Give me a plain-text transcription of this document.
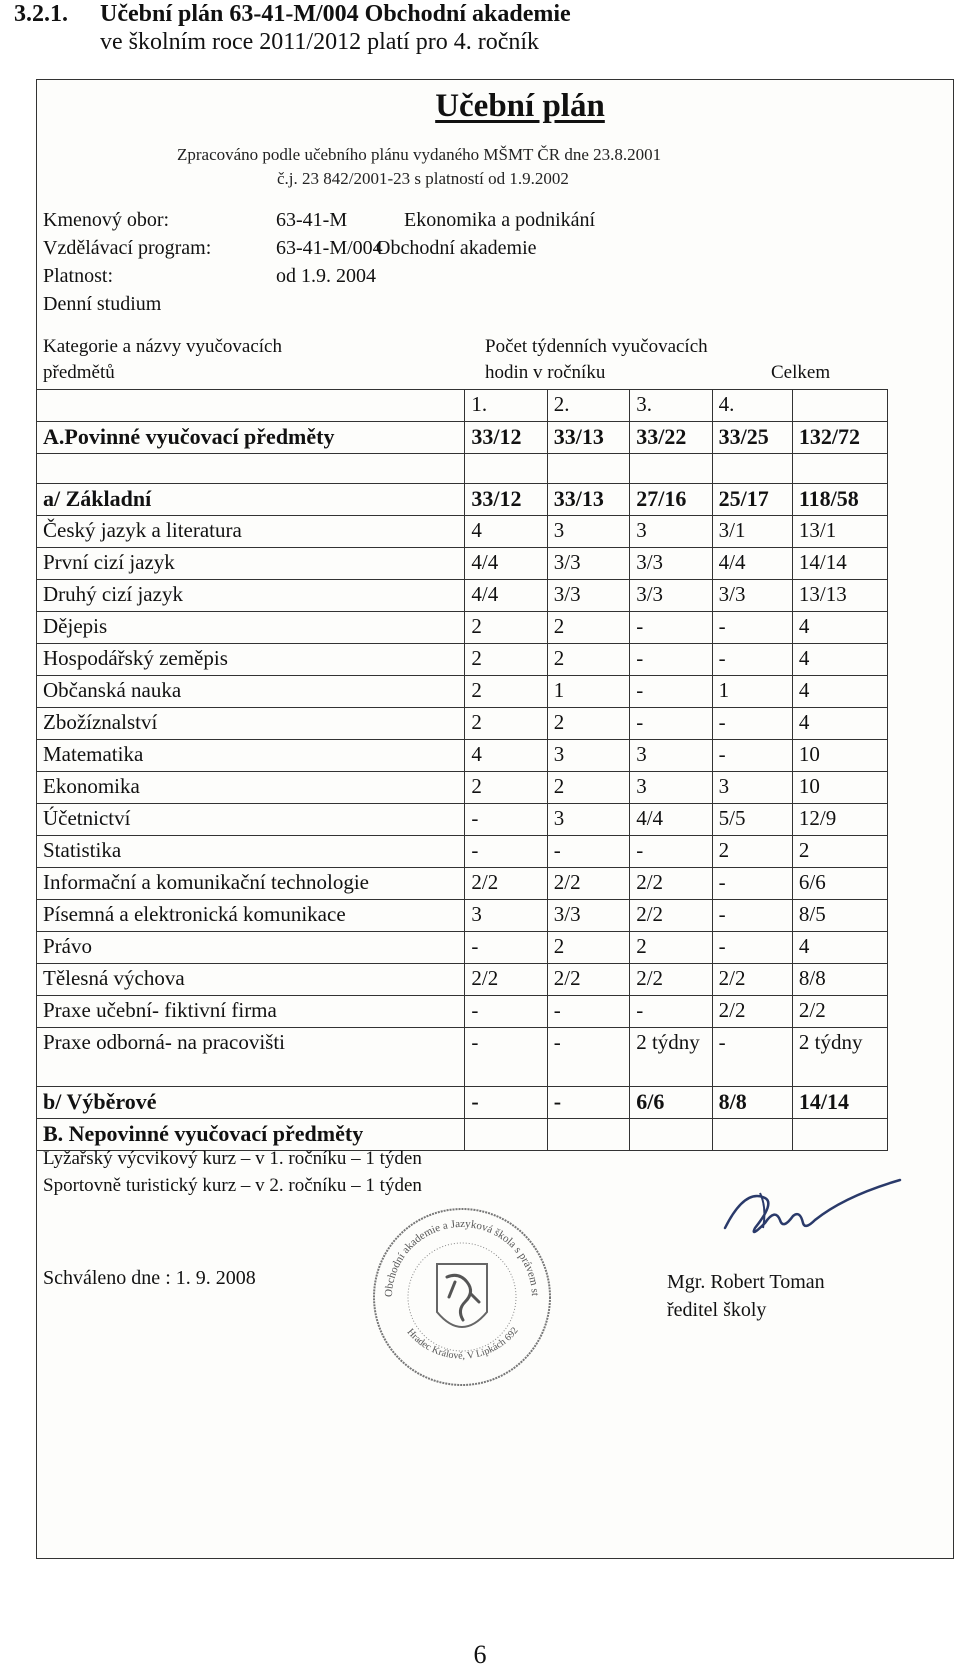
3.2.1. Učební plán 63-41-M/004 Obchodní akademie
ve školním roce 2011/2012 platí pro 4. ročník
Učební plán
Zpracováno podle učebního plánu vydaného MŠMT ČR dne 23.8.2001
č.j. 23 842/2001-23 s platností od 1.9.2002
Kmenový obor:	63-41-M	Ekonomika a podnikání
Vzdělávací program:	63-41-M/004
Obchodní akademie
Platnost:	od 1.9. 2004
Denní studium
Kategorie a názvy vyučovacích
předmětů
Počet týdenních vyučovacích
hodin v ročníku	Celkem
	1.	2.	3.	4.	
A.Povinné vyučovací předměty	33/12	33/13	33/22	33/25	132/72

a/ Základní	33/12	33/13	27/16	25/17	118/58
Český jazyk a literatura	4	3	3	3/1	13/1
První cizí jazyk	4/4	3/3	3/3	4/4	14/14
Druhý cizí jazyk	4/4	3/3	3/3	3/3	13/13
Dějepis	2	2	-	-	4
Hospodářský zeměpis	2	2	-	-	4
Občanská nauka	2	1	-	1	4
Zbožíznalství	2	2	-	-	4
Matematika	4	3	3	-	10
Ekonomika	2	2	3	3	10
Účetnictví	-	3	4/4	5/5	12/9
Statistika	-	-	-	2	2
Informační a komunikační technologie	2/2	2/2	2/2	-	6/6
Písemná a elektronická komunikace	3	3/3	2/2	-	8/5
Právo	-	2	2	-	4
Tělesná výchova	2/2	2/2	2/2	2/2	8/8
Praxe učební- fiktivní firma	-	-	-	2/2	2/2
Praxe odborná- na pracovišti	-	-	2 týdny	-	2 týdny
b/ Výběrové	-	-	6/6	8/8	14/14
B. Nepovinné vyučovací předměty					
Lyžařský výcvikový kurz – v 1. ročníku – 1 týden
Sportovně turistický kurz – v 2. ročníku – 1 týden
Schváleno dne : 1. 9. 2008
Obchodní akademie a Jazyková škola s právem st
Hradec Králové, V Lipkách 692
Mgr. Robert Toman
ředitel školy
6
